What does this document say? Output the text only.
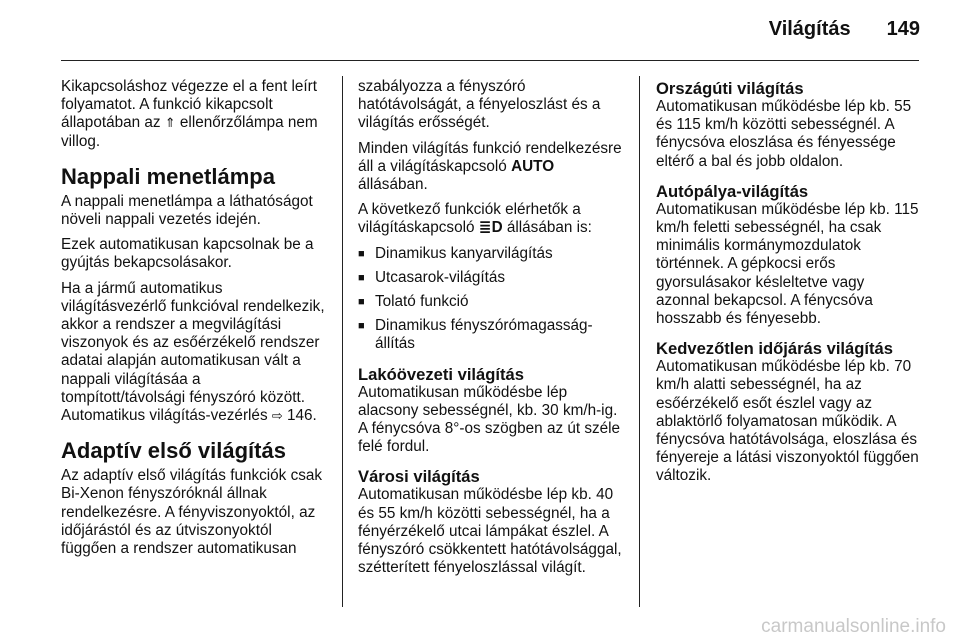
Világítás 149

Kikapcsoláshoz végezze el a fent leírt folyamatot. A funkció kikapcsolt állapotában az ⇑ ellenőrzőlámpa nem villog.

Nappali menetlámpa

A nappali menetlámpa a láthatóságot növeli nappali vezetés idején.

Ezek automatikusan kapcsolnak be a gyújtás bekapcsolásakor.

Ha a jármű automatikus világításvezérlő funkcióval rendelkezik, akkor a rendszer a megvilágítási viszonyok és az esőérzékelő rendszer adatai alapján automatikusan vált a nappali világításáa a tompított/távolsági fényszóró között. Automatikus világítás-vezérlés ⇨ 146.

Adaptív első világítás

Az adaptív első világítás funkciók csak Bi-Xenon fényszóróknál állnak rendelkezésre. A fényviszonyoktól, az időjárástól és az útviszonyoktól függően a rendszer automatikusan

szabályozza a fényszóró hatótávolságát, a fényeloszlást és a világítás erősségét.

Minden világítás funkció rendelkezésre áll a világításkapcsoló AUTO állásában.

A következő funkciók elérhetők a világításkapcsoló ≣D állásában is:

■ Dinamikus kanyarvilágítás
■ Utcasarok-világítás
■ Tolató funkció
■ Dinamikus fényszórómagasság-állítás
Lakóövezeti világítás

Automatikusan működésbe lép alacsony sebességnél, kb. 30 km/h-ig. A fénycsóva 8°-os szögben az út széle felé fordul.

Városi világítás

Automatikusan működésbe lép kb. 40 és 55 km/h közötti sebességnél, ha a fényérzékelő utcai lámpákat észlel. A fényszóró csökkentett hatótávolsággal, szétterített fényeloszlással világít.

Országúti világítás

Automatikusan működésbe lép kb. 55 és 115 km/h közötti sebességnél. A fénycsóva eloszlása és fényessége eltérő a bal és jobb oldalon.

Autópálya-világítás

Automatikusan működésbe lép kb. 115 km/h feletti sebességnél, ha csak minimális kormánymozdulatok történnek. A gépkocsi erős gyorsulásakor késleltetve vagy azonnal bekapcsol. A fénycsóva hosszabb és fényesebb.

Kedvezőtlen időjárás világítás

Automatikusan működésbe lép kb. 70 km/h alatti sebességnél, ha az esőérzékelő esőt észlel vagy az ablaktörlő folyamatosan működik. A fénycsóva hatótávolsága, eloszlása és fényereje a látási viszonyoktól függően változik.

carmanualsonline.info
